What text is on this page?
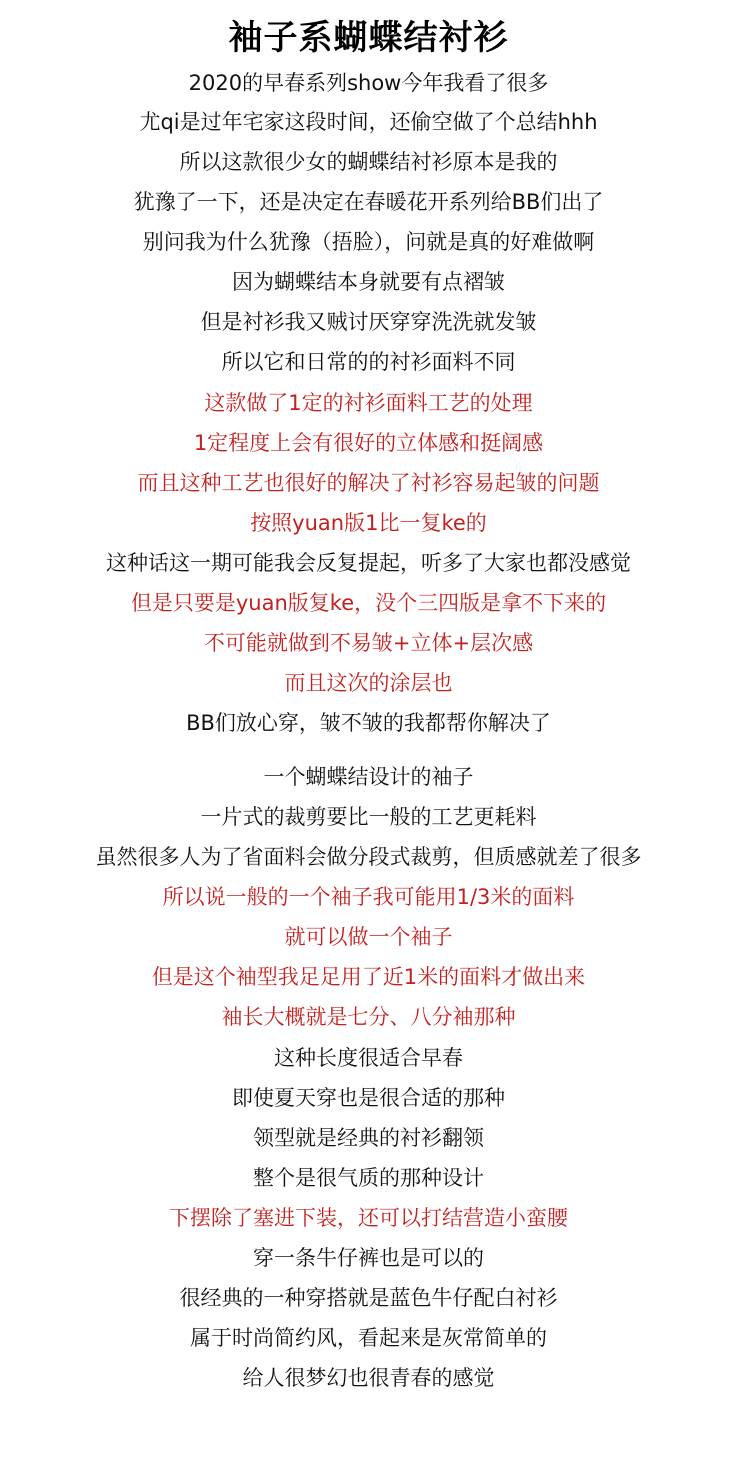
袖子系蝴蝶结衬衫
2020的早春系列show今年我看了很多
尤qi是过年宅家这段时间，还偷空做了个总结hhh
所以这款很少女的蝴蝶结衬衫原本是我的
犹豫了一下，还是决定在春暖花开系列给BB们出了
别问我为什么犹豫（捂脸），问就是真的好难做啊
因为蝴蝶结本身就要有点褶皱
但是衬衫我又贼讨厌穿穿洗洗就发皱
所以它和日常的的衬衫面料不同
这款做了1定的衬衫面料工艺的处理
1定程度上会有很好的立体感和挺阔感
而且这种工艺也很好的解决了衬衫容易起皱的问题
按照yuan版1比一复ke的
这种话这一期可能我会反复提起，听多了大家也都没感觉
但是只要是yuan版复ke，没个三四版是拿不下来的
不可能就做到不易皱+立体+层次感
而且这次的涂层也
BB们放心穿，皱不皱的我都帮你解决了
一个蝴蝶结设计的袖子
一片式的裁剪要比一般的工艺更耗料
虽然很多人为了省面料会做分段式裁剪，但质感就差了很多
所以说一般的一个袖子我可能用1/3米的面料
就可以做一个袖子
但是这个袖型我足足用了近1米的面料才做出来
袖长大概就是七分、八分袖那种
这种长度很适合早春
即使夏天穿也是很合适的那种
领型就是经典的衬衫翻领
整个是很气质的那种设计
下摆除了塞进下装，还可以打结营造小蛮腰
穿一条牛仔裤也是可以的
很经典的一种穿搭就是蓝色牛仔配白衬衫
属于时尚简约风，看起来是灰常简单的
给人很梦幻也很青春的感觉
